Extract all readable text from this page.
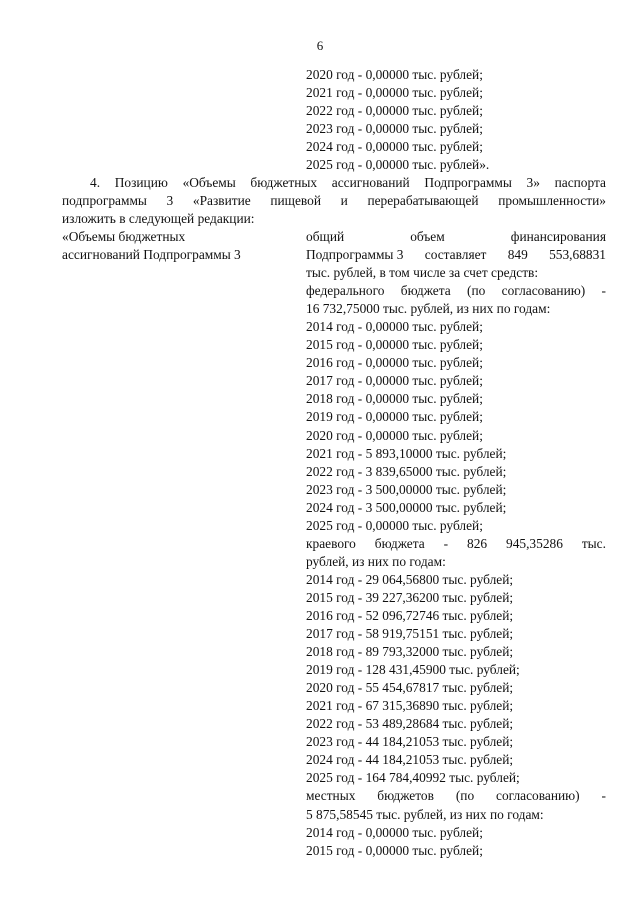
6
2020 год - 0,00000 тыс. рублей;
2021 год - 0,00000 тыс. рублей;
2022 год - 0,00000 тыс. рублей;
2023 год - 0,00000 тыс. рублей;
2024 год - 0,00000 тыс. рублей;
2025 год - 0,00000 тыс. рублей».
4. Позицию «Объемы бюджетных ассигнований Подпрограммы 3» паспорта
подпрограммы 3 «Развитие пищевой и перерабатывающей промышленности»
изложить в следующей редакции:
«Объемы бюджетных
ассигнований Подпрограммы 3
общий	объем	финансирования
Подпрограммы 3 составляет 849 553,68831
тыс. рублей, в том числе за счет средств:
федерального бюджета (по согласованию) -
16 732,75000 тыс. рублей, из них по годам:
2014 год - 0,00000 тыс. рублей;
2015 год - 0,00000 тыс. рублей;
2016 год - 0,00000 тыс. рублей;
2017 год - 0,00000 тыс. рублей;
2018 год - 0,00000 тыс. рублей;
2019 год - 0,00000 тыс. рублей;
2020 год - 0,00000 тыс. рублей;
2021 год - 5 893,10000 тыс. рублей;
2022 год - 3 839,65000 тыс. рублей;
2023 год - 3 500,00000 тыс. рублей;
2024 год - 3 500,00000 тыс. рублей;
2025 год - 0,00000 тыс. рублей;
краевого бюджета - 826 945,35286 тыс.
рублей, из них по годам:
2014 год - 29 064,56800 тыс. рублей;
2015 год - 39 227,36200 тыс. рублей;
2016 год - 52 096,72746 тыс. рублей;
2017 год - 58 919,75151 тыс. рублей;
2018 год - 89 793,32000 тыс. рублей;
2019 год - 128 431,45900 тыс. рублей;
2020 год - 55 454,67817 тыс. рублей;
2021 год - 67 315,36890 тыс. рублей;
2022 год - 53 489,28684 тыс. рублей;
2023 год - 44 184,21053 тыс. рублей;
2024 год - 44 184,21053 тыс. рублей;
2025 год - 164 784,40992 тыс. рублей;
местных бюджетов (по согласованию) -
5 875,58545 тыс. рублей, из них по годам:
2014 год - 0,00000 тыс. рублей;
2015 год - 0,00000 тыс. рублей;
